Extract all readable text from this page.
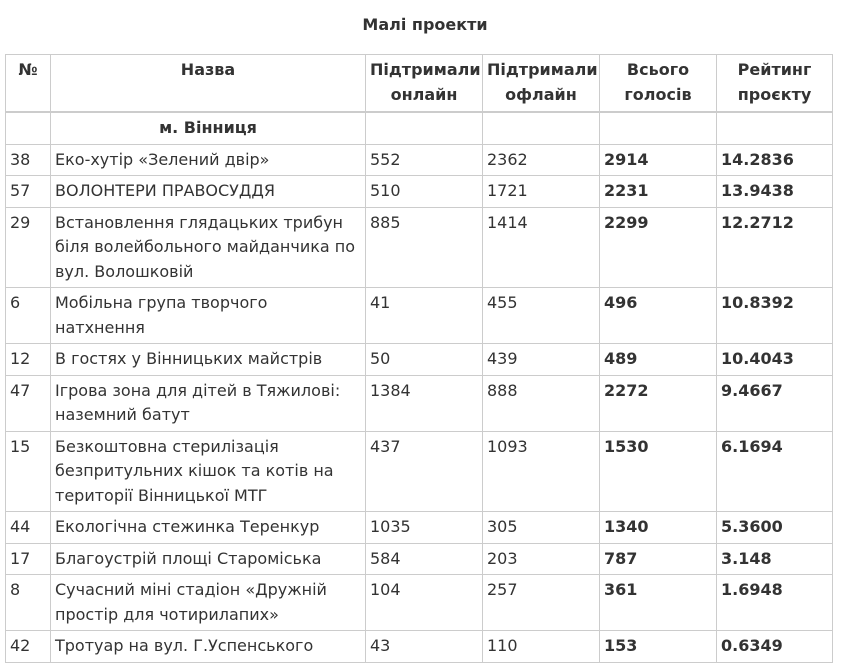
Малі проекти
№	Назва	Підтримали онлайн	Підтримали офлайн	Всього голосів	Рейтинг проєкту
	м. Вінниця				
38	Еко-хутір «Зелений двір»	552	2362	2914	14.2836
57	ВОЛОНТЕРИ ПРАВОСУДДЯ	510	1721	2231	13.9438
29	Встановлення глядацьких трибун біля волейбольного майданчика по вул. Волошковій	885	1414	2299	12.2712
6	Мобільна група творчого натхнення	41	455	496	10.8392
12	В гостях у Вінницьких майстрів	50	439	489	10.4043
47	Ігрова зона для дітей в Тяжилові: наземний батут	1384	888	2272	9.4667
15	Безкоштовна стерилізація безпритульних кішок та котів на території Вінницької МТГ	437	1093	1530	6.1694
44	Екологічна стежинка Теренкур	1035	305	1340	5.3600
17	Благоустрій площі Староміська	584	203	787	3.148
8	Сучасний міні стадіон «Дружній простір для чотирилапих»	104	257	361	1.6948
42	Тротуар на вул. Г.Успенського	43	110	153	0.6349
